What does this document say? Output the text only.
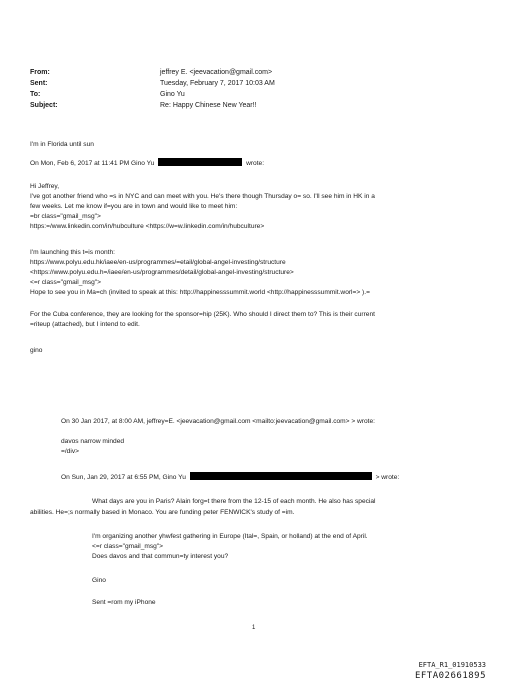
From:	jeffrey E. <jeevacation@gmail.com>
Sent:	Tuesday, February 7, 2017 10:03 AM
To:	Gino Yu
Subject:	Re: Happy Chinese New Year!!
I'm in Florida until sun
On Mon, Feb 6, 2017 at 11:41 PM Gino Yu	wrote:
Hi Jeffrey,
I've got another friend who =s in NYC and can meet with you. He's there though Thursday o= so. I'll see him in HK in a
few weeks. Let me know if=you are in town and would like to meet him:
=br class="gmail_msg">
https:=/www.linkedin.com/in/hubculture <https://w=w.linkedin.com/in/hubculture>
I'm launching this t=is month:
https://www.polyu.edu.hk/iaee/en-us/programmes/=etail/global-angel-investing/structure
<https://www.polyu.edu.h=/iaee/en-us/programmes/detail/global-angel-investing/structure>
<=r class="gmail_msg">
Hope to see you in Ma=ch (invited to speak at this: http://happinesssummit.world <http://happinesssummit.worl=> ).=
For the Cuba conference, they are looking for the sponsor=hip (25K). Who should I direct them to? This is their current
=riteup (attached), but I intend to edit.
gino
On 30 Jan 2017, at 8:00 AM, jeffrey=E. <jeevacation@gmail.com <mailto:jeevacation@gmail.com> > wrote:
davos narrow minded
=/div>
On Sun, Jan 29, 2017 at 6:55 PM, Gino Yu	> wrote:
What days are you in Paris? Alain forg=t there from the 12-15 of each month. He also has special
abilities. He=;s normally based in Monaco. You are funding peter FENWICK's study of =im.
I'm organizing another yhwfest gathering in Europe (Ital=, Spain, or holland) at the end of April.
<=r class="gmail_msg">
Does davos and that commun=ty interest you?
Gino
Sent =rom my iPhone
1
EFTA_R1_01910533
EFTA02661895
